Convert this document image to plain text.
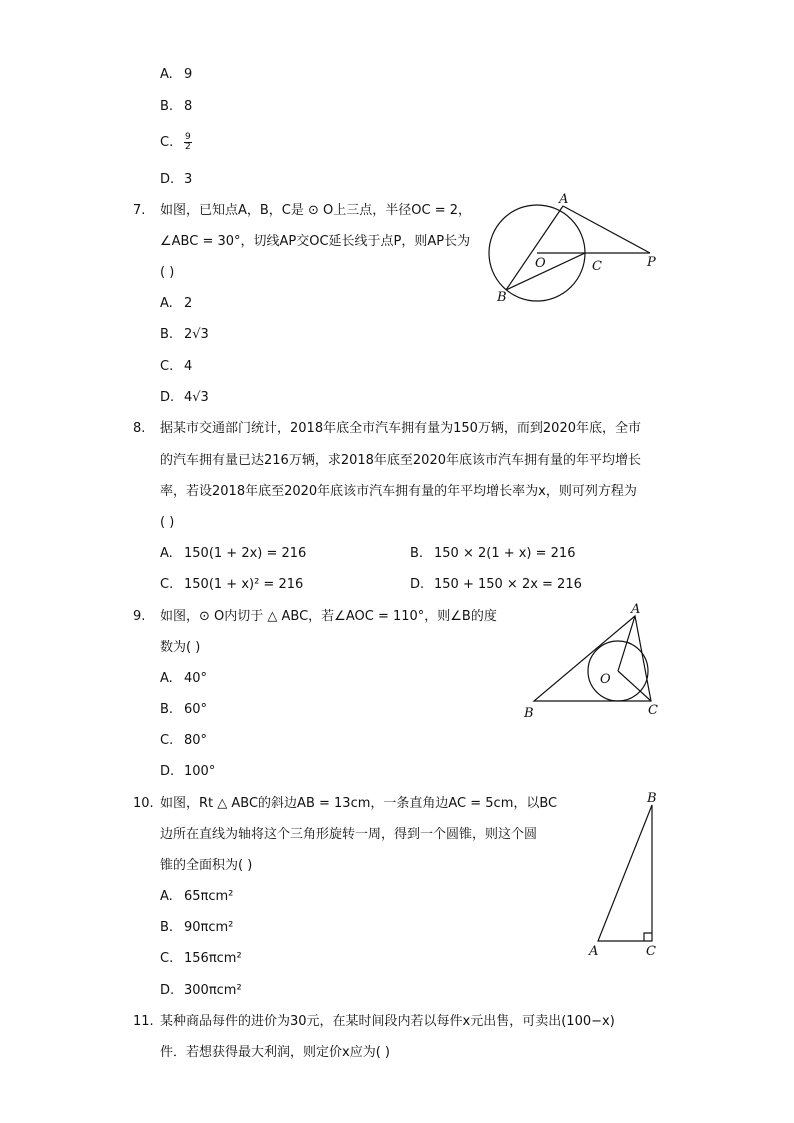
A. 9
B. 8
C. $\frac{9}{2}$
D. 3
7. 如图，已知点A，B，C是 ⊙ O上三点，半径OC = 2，
∠ABC = 30°，切线AP交OC延长线于点P，则AP长为
( )
A. 2
B. 2√3
C. 4
D. 4√3
A
B
C
O	P
8. 据某市交通部门统计，2018年底全市汽车拥有量为150万辆，而到2020年底，全市
的汽车拥有量已达216万辆，求2018年底至2020年底该市汽车拥有量的年平均增长
率，若设2018年底至2020年底该市汽车拥有量的年平均增长率为x，则可列方程为
( )
A. 150(1 + 2x) = 216	B. 150 × 2(1 + x) = 216
C. 150(1 + x)² = 216	D. 150 + 150 × 2x = 216
9. 如图，⊙ O内切于 △ ABC，若∠AOC = 110°，则∠B的度
数为( )
A. 40°
B. 60°
C. 80°
D. 100°
A
B	C
O
10. 如图，Rt △ ABC的斜边AB = 13cm，一条直角边AC = 5cm，以BC
边所在直线为轴将这个三角形旋转一周，得到一个圆锥，则这个圆
锥的全面积为( )
A. 65πcm²
B. 90πcm²
C. 156πcm²
D. 300πcm²
B
A	C
11. 某种商品每件的进价为30元，在某时间段内若以每件x元出售，可卖出(100−x)
件．若想获得最大利润，则定价x应为( )
